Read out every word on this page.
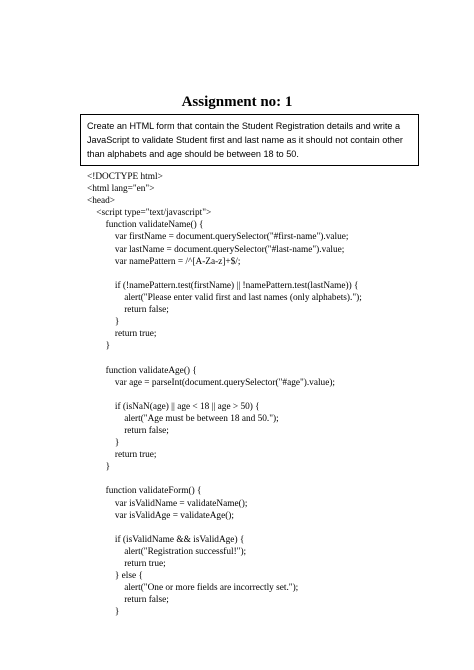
Assignment no: 1
Create an HTML form that contain the Student Registration details and write a JavaScript to validate Student first and last name as it should not contain other than alphabets and age should be between 18 to 50.
<!DOCTYPE html>
<html lang="en">
<head>
<script type="text/javascript">
function validateName() {
var firstName = document.querySelector("#first-name").value;
var lastName = document.querySelector("#last-name").value;
var namePattern = /^[A-Za-z]+$/;
if (!namePattern.test(firstName) || !namePattern.test(lastName)) {
alert("Please enter valid first and last names (only alphabets).");
return false;
}
return true;
}
function validateAge() {
var age = parseInt(document.querySelector("#age").value);
if (isNaN(age) || age < 18 || age > 50) {
alert("Age must be between 18 and 50.");
return false;
}
return true;
}
function validateForm() {
var isValidName = validateName();
var isValidAge = validateAge();
if (isValidName && isValidAge) {
alert("Registration successful!");
return true;
} else {
alert("One or more fields are incorrectly set.");
return false;
}
